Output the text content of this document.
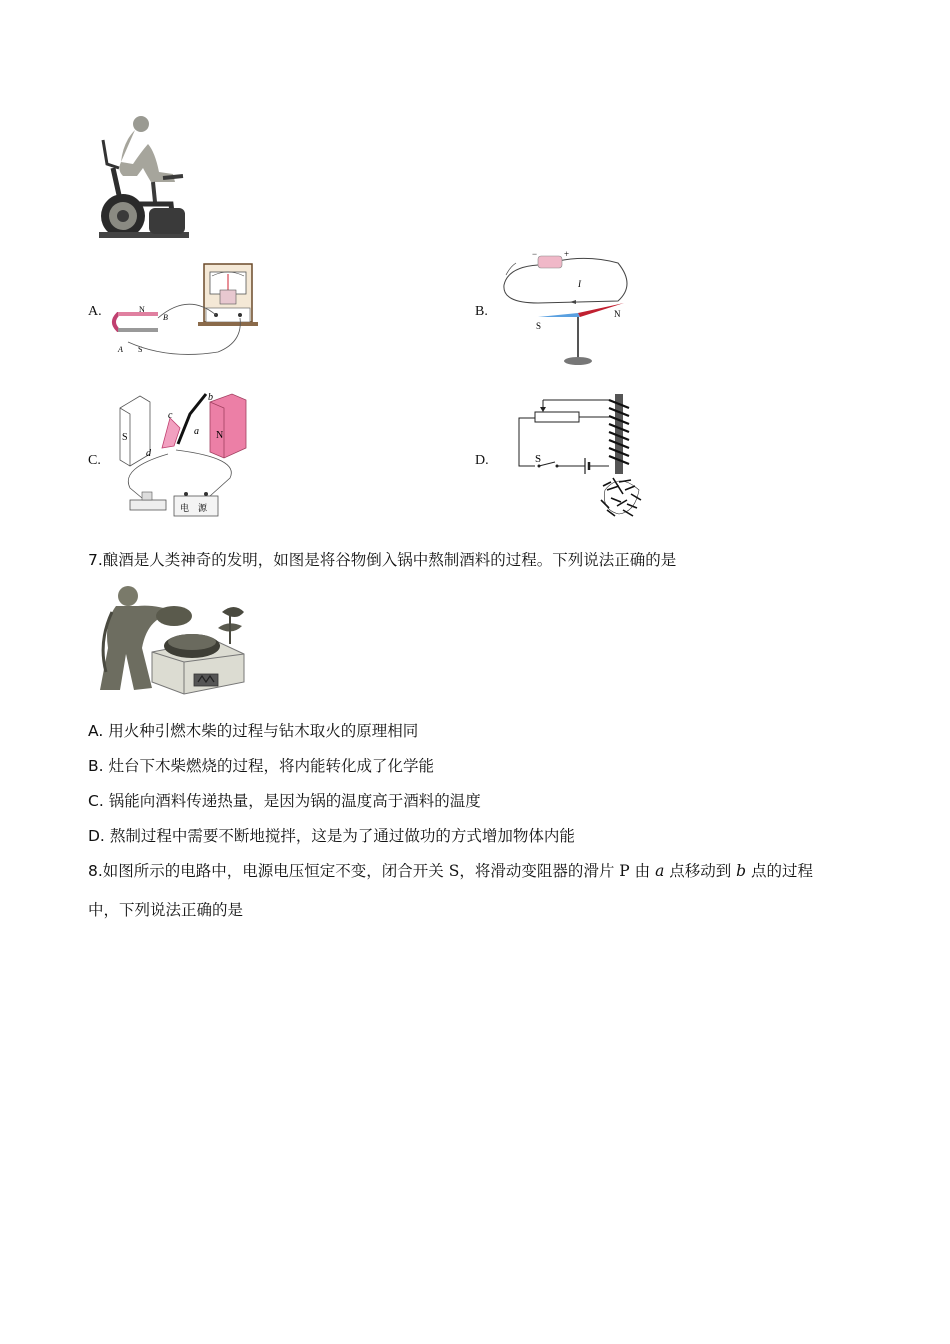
A.	N
B
A S
B.
−	+
I
S
N
C.
S	N
c
b
a
d
电　源
D.	S
7.酿酒是人类神奇的发明，如图是将谷物倒入锅中熬制酒料的过程。下列说法正确的是
A. 用火种引燃木柴的过程与钻木取火的原理相同
B. 灶台下木柴燃烧的过程，将内能转化成了化学能
C. 锅能向酒料传递热量，是因为锅的温度高于酒料的温度
D. 熬制过程中需要不断地搅拌，这是为了通过做功的方式增加物体内能
8.如图所示的电路中，电源电压恒定不变，闭合开关 S，将滑动变阻器的滑片 P 由 a 点移动到 b 点的过程
中，下列说法正确的是
